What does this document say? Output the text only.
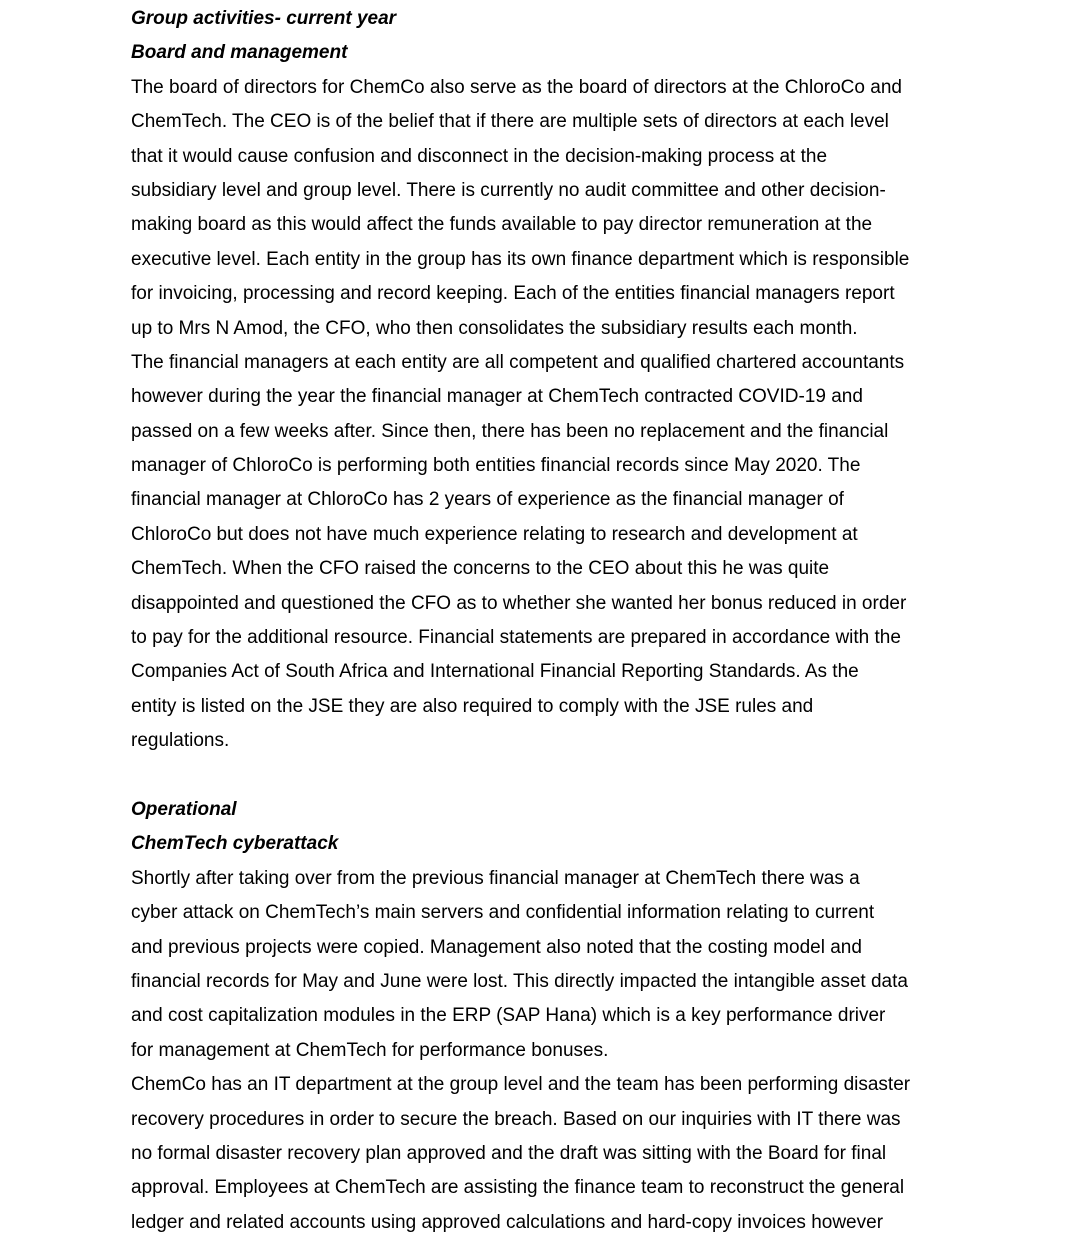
Group activities- current year
Board and management
The board of directors for ChemCo also serve as the board of directors at the ChloroCo and
ChemTech. The CEO is of the belief that if there are multiple sets of directors at each level
that it would cause confusion and disconnect in the decision-making process at the
subsidiary level and group level. There is currently no audit committee and other decision-
making board as this would affect the funds available to pay director remuneration at the
executive level. Each entity in the group has its own finance department which is responsible
for invoicing, processing and record keeping. Each of the entities financial managers report
up to Mrs N Amod, the CFO, who then consolidates the subsidiary results each month.
The financial managers at each entity are all competent and qualified chartered accountants
however during the year the financial manager at ChemTech contracted COVID-19 and
passed on a few weeks after. Since then, there has been no replacement and the financial
manager of ChloroCo is performing both entities financial records since May 2020. The
financial manager at ChloroCo has 2 years of experience as the financial manager of
ChloroCo but does not have much experience relating to research and development at
ChemTech. When the CFO raised the concerns to the CEO about this he was quite
disappointed and questioned the CFO as to whether she wanted her bonus reduced in order
to pay for the additional resource. Financial statements are prepared in accordance with the
Companies Act of South Africa and International Financial Reporting Standards. As the
entity is listed on the JSE they are also required to comply with the JSE rules and
regulations.
Operational
ChemTech cyberattack
Shortly after taking over from the previous financial manager at ChemTech there was a
cyber attack on ChemTech’s main servers and confidential information relating to current
and previous projects were copied. Management also noted that the costing model and
financial records for May and June were lost. This directly impacted the intangible asset data
and cost capitalization modules in the ERP (SAP Hana) which is a key performance driver
for management at ChemTech for performance bonuses.
ChemCo has an IT department at the group level and the team has been performing disaster
recovery procedures in order to secure the breach. Based on our inquiries with IT there was
no formal disaster recovery plan approved and the draft was sitting with the Board for final
approval. Employees at ChemTech are assisting the finance team to reconstruct the general
ledger and related accounts using approved calculations and hard-copy invoices however
